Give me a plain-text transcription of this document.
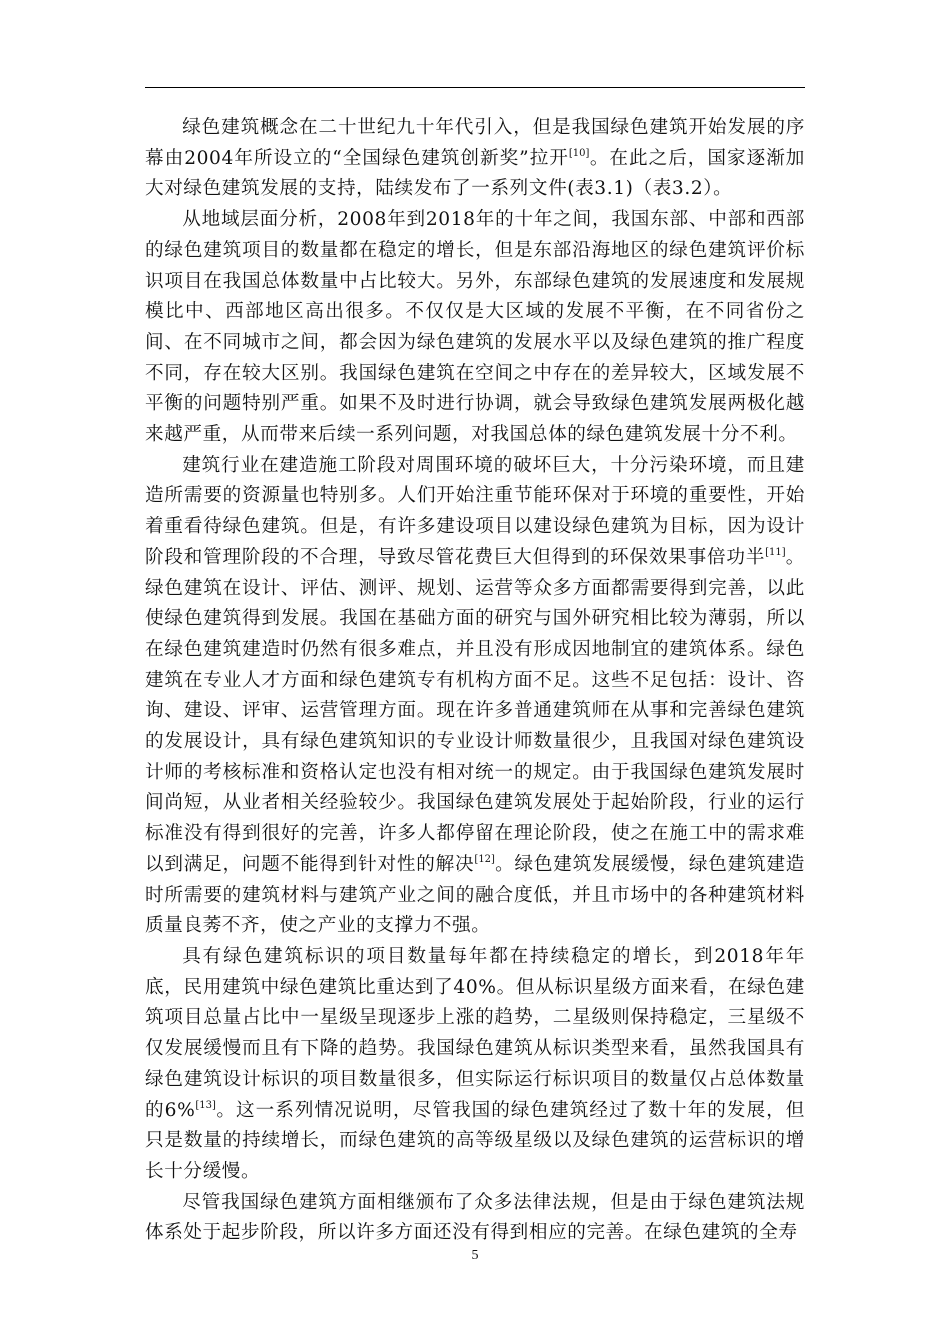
绿色建筑概念在二十世纪九十年代引入，但是我国绿色建筑开始发展的序幕由2004年所设立的“全国绿色建筑创新奖”拉开[10]。在此之后，国家逐渐加大对绿色建筑发展的支持，陆续发布了一系列文件(表3.1)（表3.2）。

从地域层面分析，2008年到2018年的十年之间，我国东部、中部和西部的绿色建筑项目的数量都在稳定的增长，但是东部沿海地区的绿色建筑评价标识项目在我国总体数量中占比较大。另外，东部绿色建筑的发展速度和发展规模比中、西部地区高出很多。不仅仅是大区域的发展不平衡，在不同省份之间、在不同城市之间，都会因为绿色建筑的发展水平以及绿色建筑的推广程度不同，存在较大区别。我国绿色建筑在空间之中存在的差异较大，区域发展不平衡的问题特别严重。如果不及时进行协调，就会导致绿色建筑发展两极化越来越严重，从而带来后续一系列问题，对我国总体的绿色建筑发展十分不利。

建筑行业在建造施工阶段对周围环境的破坏巨大，十分污染环境，而且建造所需要的资源量也特别多。人们开始注重节能环保对于环境的重要性，开始着重看待绿色建筑。但是，有许多建设项目以建设绿色建筑为目标，因为设计阶段和管理阶段的不合理，导致尽管花费巨大但得到的环保效果事倍功半[11]。绿色建筑在设计、评估、测评、规划、运营等众多方面都需要得到完善，以此使绿色建筑得到发展。我国在基础方面的研究与国外研究相比较为薄弱，所以在绿色建筑建造时仍然有很多难点，并且没有形成因地制宜的建筑体系。绿色建筑在专业人才方面和绿色建筑专有机构方面不足。这些不足包括：设计、咨询、建设、评审、运营管理方面。现在许多普通建筑师在从事和完善绿色建筑的发展设计，具有绿色建筑知识的专业设计师数量很少，且我国对绿色建筑设计师的考核标准和资格认定也没有相对统一的规定。由于我国绿色建筑发展时间尚短，从业者相关经验较少。我国绿色建筑发展处于起始阶段，行业的运行标准没有得到很好的完善，许多人都停留在理论阶段，使之在施工中的需求难以到满足，问题不能得到针对性的解决[12]。绿色建筑发展缓慢，绿色建筑建造时所需要的建筑材料与建筑产业之间的融合度低，并且市场中的各种建筑材料质量良莠不齐，使之产业的支撑力不强。

具有绿色建筑标识的项目数量每年都在持续稳定的增长，到2018年年底，民用建筑中绿色建筑比重达到了40%。但从标识星级方面来看，在绿色建筑项目总量占比中一星级呈现逐步上涨的趋势，二星级则保持稳定，三星级不仅发展缓慢而且有下降的趋势。我国绿色建筑从标识类型来看，虽然我国具有绿色建筑设计标识的项目数量很多，但实际运行标识项目的数量仅占总体数量的6%[13]。这一系列情况说明，尽管我国的绿色建筑经过了数十年的发展，但只是数量的持续增长，而绿色建筑的高等级星级以及绿色建筑的运营标识的增长十分缓慢。

尽管我国绿色建筑方面相继颁布了众多法律法规，但是由于绿色建筑法规体系处于起步阶段，所以许多方面还没有得到相应的完善。在绿色建筑的全寿

5
